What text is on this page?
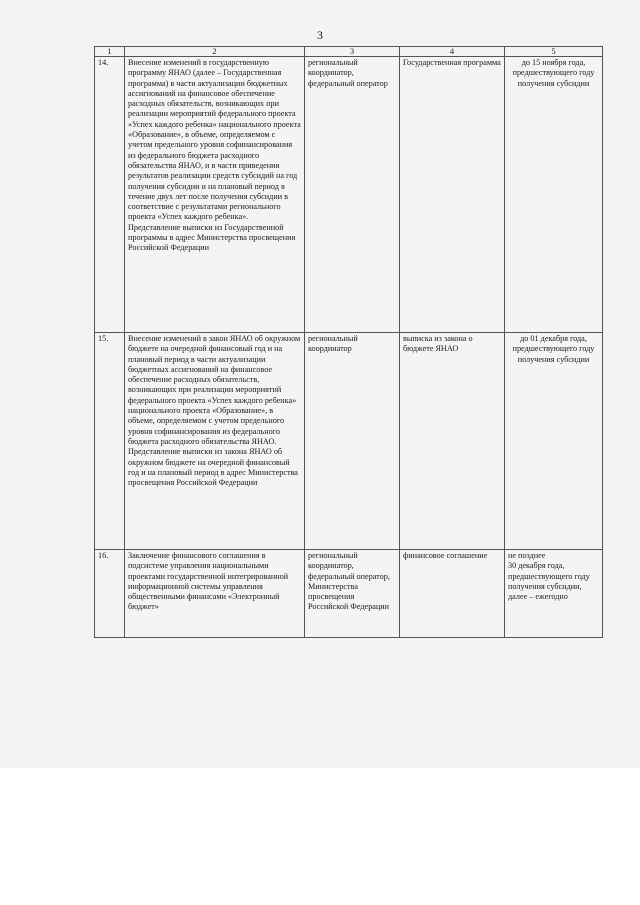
3
1	2	3	4	5
14.	Внесение изменений в государственную программу ЯНАО (далее – Государственная программа) в части актуализации бюджетных ассигнований на финансовое обеспечение расходных обязательств, возникающих при реализации мероприятий федерального проекта «Успех каждого ребенка» национального проекта «Образование», в объеме, определяемом с учетом предельного уровня софинансирования из федерального бюджета расходного обязательства ЯНАО, и в части приведения результатов реализации средств субсидий на год получения субсидии и на плановый период в течение двух лет после получения субсидии в соответствие с результатами регионального проекта «Успех каждого ребенка».
Представление выписки из Государственной программы в адрес Министерства просвещения Российской Федерации	региональный координатор, федеральный оператор	Государственная программа	до 15 ноября года, предшествующего году получения субсидии
15.	Внесение изменений в закон ЯНАО об окружном бюджете на очередной финансовый год и на плановый период в части актуализации бюджетных ассигнований на финансовое обеспечение расходных обязательств, возникающих при реализации мероприятий федерального проекта «Успех каждого ребенка» национального проекта «Образование», в объеме, определяемом с учетом предельного уровня софинансирования из федерального бюджета расходного обязательства ЯНАО.
Представление выписки из закона ЯНАО об окружном бюджете на очередной финансовый год и на плановый период в адрес Министерства просвещения Российской Федерации	региональный координатор	выписка из закона о бюджете ЯНАО	до 01 декабря года, предшествующего году получения субсидии
16.	Заключение финансового соглашения в подсистеме управления национальными проектами государственной интегрированной информационной системы управления общественными финансами «Электронный бюджет»	региональный координатор, федеральный оператор, Министерства просвещения Российской Федерации	финансовое соглашение	не позднее
30 декабря года, предшествующего году получения субсидии, далее – ежегодно
